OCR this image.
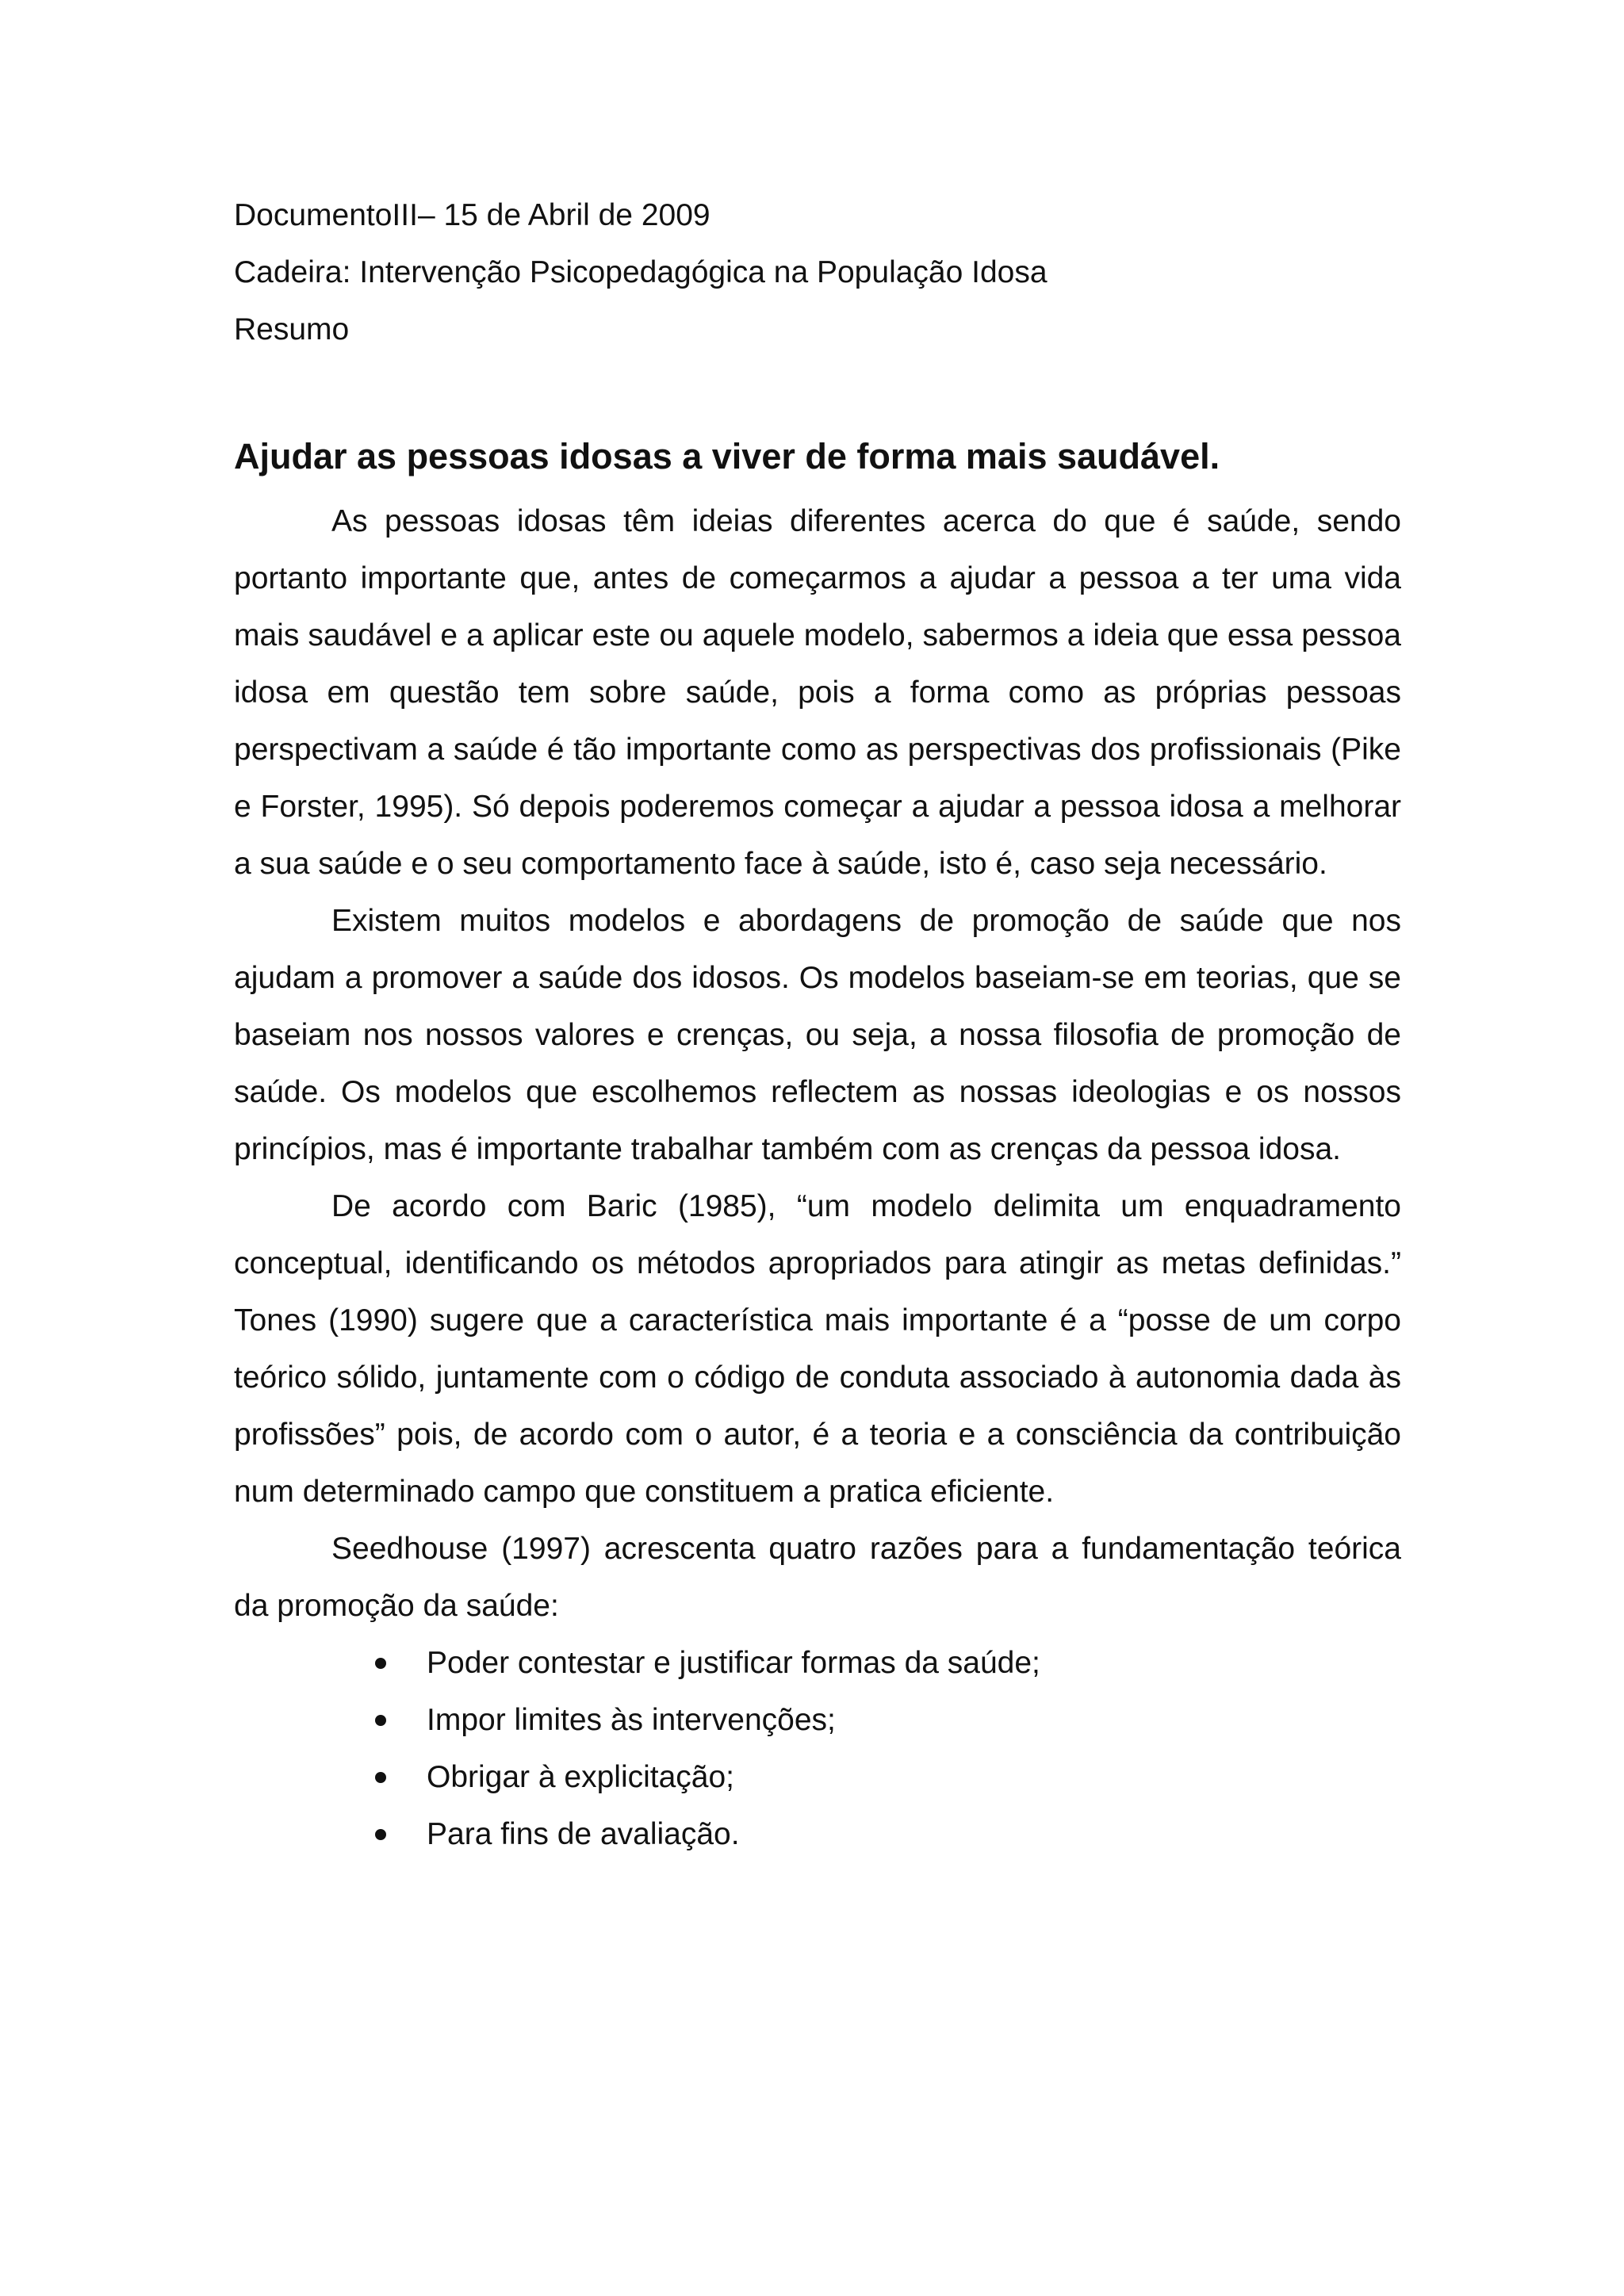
DocumentoIII– 15 de Abril de 2009
Cadeira: Intervenção Psicopedagógica na População Idosa
Resumo
Ajudar as pessoas idosas a viver de forma mais saudável.

As pessoas idosas têm ideias diferentes acerca do que é saúde, sendo portanto importante que, antes de começarmos a ajudar a pessoa a ter uma vida mais saudável e a aplicar este ou aquele modelo, sabermos a ideia que essa pessoa idosa em questão tem sobre saúde, pois a forma como as próprias pessoas perspectivam a saúde é tão importante como as perspectivas dos profissionais (Pike e Forster, 1995). Só depois poderemos começar a ajudar a pessoa idosa a melhorar a sua saúde e o seu comportamento face à saúde, isto é, caso seja necessário.

Existem muitos modelos e abordagens de promoção de saúde que nos ajudam a promover a saúde dos idosos. Os modelos baseiam-se em teorias, que se baseiam nos nossos valores e crenças, ou seja, a nossa filosofia de promoção de saúde. Os modelos que escolhemos reflectem as nossas ideologias e os nossos princípios, mas é importante trabalhar também com as crenças da pessoa idosa.

De acordo com Baric (1985), “um modelo delimita um enquadramento conceptual, identificando os métodos apropriados para atingir as metas definidas.” Tones (1990) sugere que a característica mais importante é a “posse de um corpo teórico sólido, juntamente com o código de conduta associado à autonomia dada às profissões” pois, de acordo com o autor, é a teoria e a consciência da contribuição num determinado campo que constituem a pratica eficiente.

Seedhouse (1997) acrescenta quatro razões para a fundamentação teórica da promoção da saúde:

Poder contestar e justificar formas da saúde;
Impor limites às intervenções;
Obrigar à explicitação;
Para fins de avaliação.
